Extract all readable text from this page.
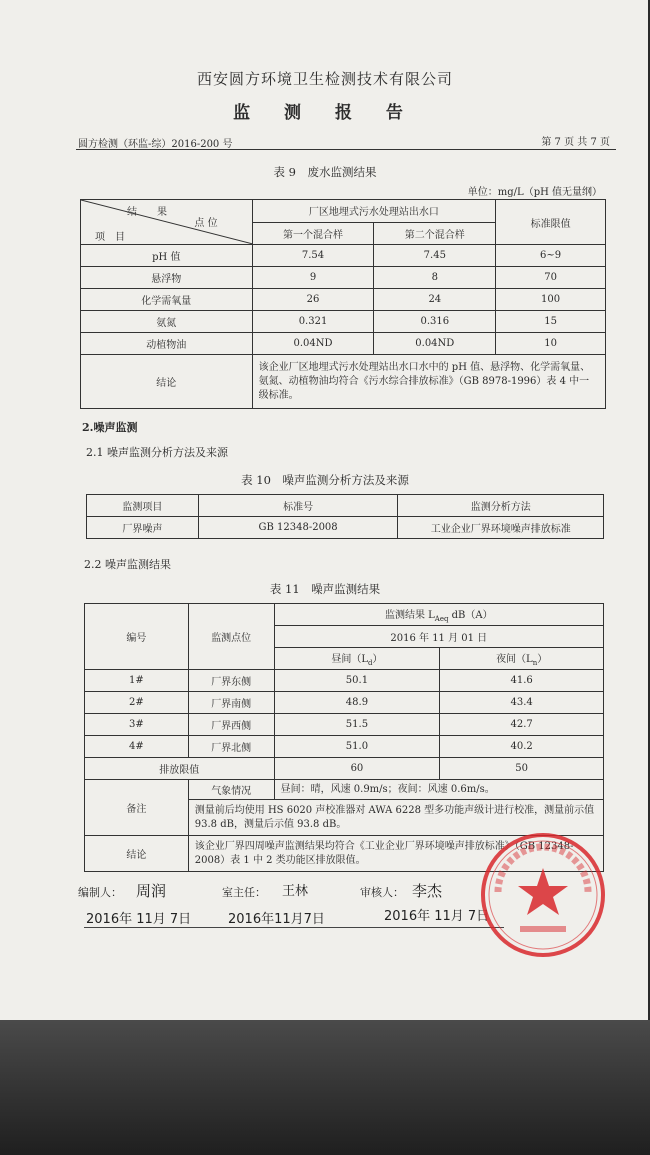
西安圆方环境卫生检测技术有限公司
监 测 报 告
圆方检测（环监-综）2016-200 号	第 7 页 共 7 页
表 9　废水监测结果
单位：mg/L（pH 值无量纲）
结　　果
点 位
项　目	厂区地埋式污水处理站出水口		标准限值
	第一个混合样	第二个混合样	
pH 值	7.54	7.45	6~9
悬浮物	9	8	70
化学需氧量	26	24	100
氨氮	0.321	0.316	15
动植物油	0.04ND	0.04ND	10
结论	该企业厂区地埋式污水处理站出水口水中的 pH 值、悬浮物、化学需氧量、氨氮、动植物油均符合《污水综合排放标准》（GB 8978-1996）表 4 中一级标准。		
2.噪声监测
2.1 噪声监测分析方法及来源
表 10　噪声监测分析方法及来源
监测项目	标准号	监测分析方法
厂界噪声	GB 12348-2008	工业企业厂界环境噪声排放标准
2.2 噪声监测结果
表 11　噪声监测结果
编号	监测点位	监测结果 $L_{Aeq}$ dB（A）	
		2016 年 11 月 01 日	
		昼间$(L_d)$	夜间$(L_n)$
1#	厂界东侧	50.1	41.6
2#	厂界南侧	48.9	43.4
3#	厂界西侧	51.5	42.7
4#	厂界北侧	51.0	40.2
排放限值		60	50
备注	气象情况	昼间：晴，风速 0.9m/s；夜间：风速 0.6m/s。	
	测量前后均使用 HS 6020 声校准器对 AWA 6228 型多功能声级计进行校准，测量前示值 93.8 dB，测量后示值 93.8 dB。		
结论	该企业厂界四周噪声监测结果均符合《工业企业厂界环境噪声排放标准》（GB 12348-2008）表 1 中 2 类功能区排放限值。		
编制人： 周润	室主任： 王林	审核人： 李杰
2016年 11月 7日	2016年11月7日	2016年 11月 7日
